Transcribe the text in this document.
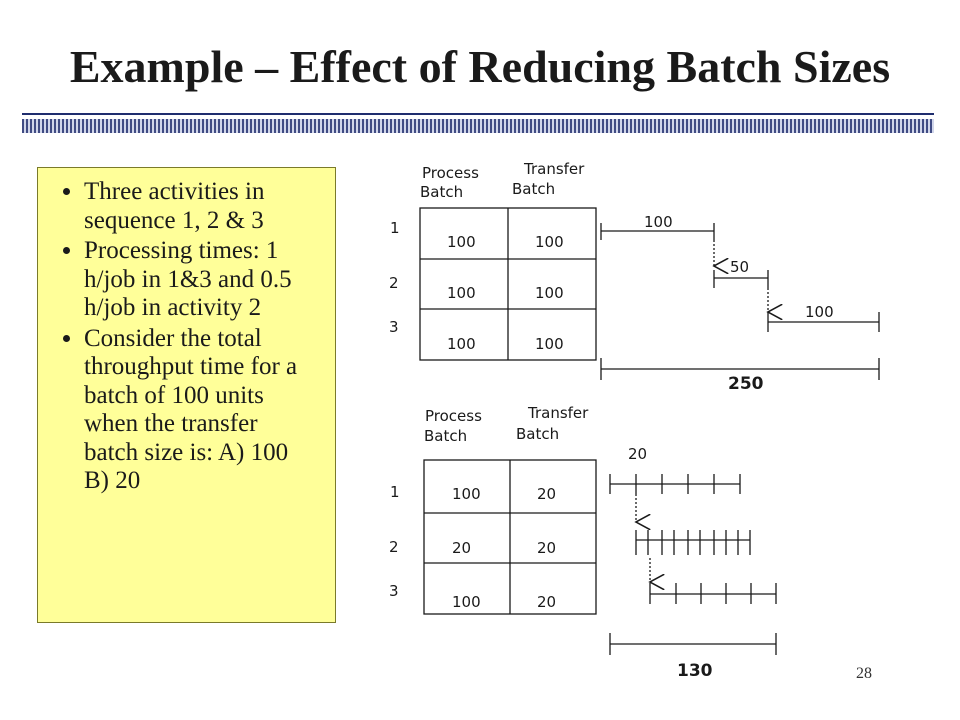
Example – Effect of Reducing Batch Sizes
• Three activities in sequence 1, 2 & 3
• Processing times: 1 h/job in 1&3 and 0.5 h/job in activity 2
• Consider the total throughput time for a batch of 100 units when the transfer batch size is: A) 100 B) 20
Process
Batch
Transfer
Batch
1
2
3
100
100
100
100
100
100
100
50
100
250
Process
Batch
Transfer
Batch
1
2
3
100
20
100
20
20
20
20
130	28
